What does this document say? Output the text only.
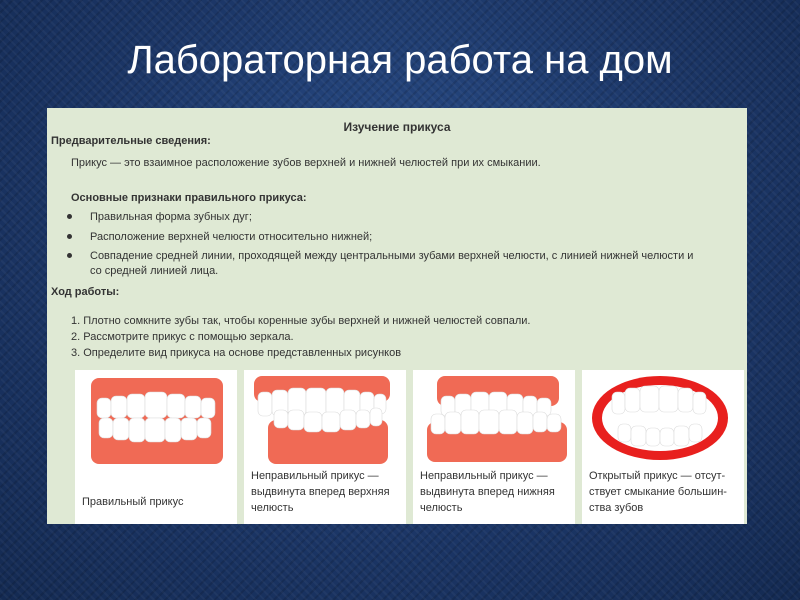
Лабораторная работа на дом
Изучение прикуса
Предварительные сведения:
Прикус — это взаимное расположение зубов верхней и нижней челюстей при их смыкании.
Основные признаки правильного прикуса:
Правильная форма зубных дуг;
Расположение верхней челюсти относительно нижней;
Совпадение средней линии, проходящей между центральными зубами верхней челюсти, с линией нижней челюсти и
со средней линией лица.
Ход работы:
1. Плотно сомкните зубы так, чтобы коренные зубы верхней и нижней челюстей совпали.
2. Рассмотрите прикус с помощью зеркала.
3. Определите вид прикуса на основе представленных рисунков
Правильный прикус
Неправильный прикус —
выдвинута вперед верхняя
челюсть
Неправильный прикус —
выдвинута вперед нижняя
челюсть
Открытый прикус — отсут-
ствует смыкание большин-
ства зубов
